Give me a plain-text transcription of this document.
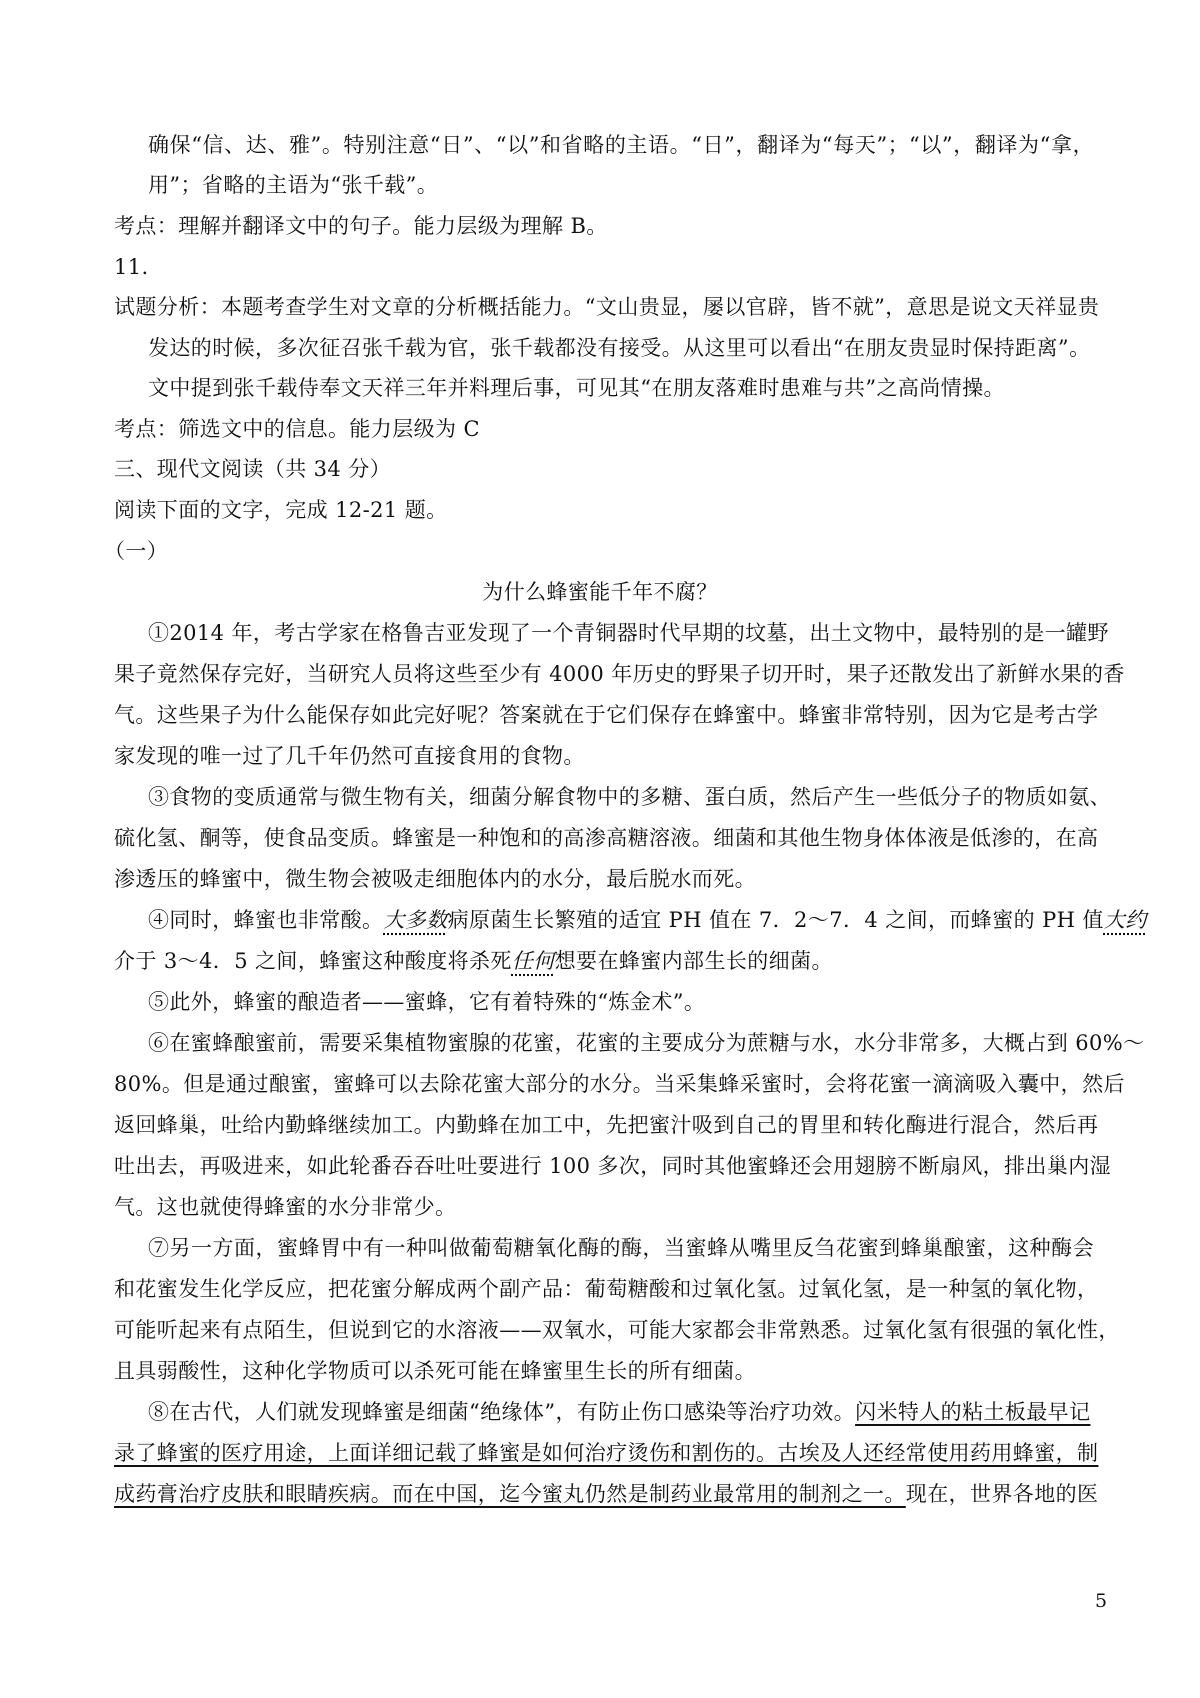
确保“信、达、雅”。特别注意“日”、“以”和省略的主语。“日”，翻译为“每天”；“以”，翻译为“拿，
用”；省略的主语为“张千载”。
考点：理解并翻译文中的句子。能力层级为理解 B。
11.
试题分析：本题考查学生对文章的分析概括能力。“文山贵显，屡以官辟，皆不就”，意思是说文天祥显贵
发达的时候，多次征召张千载为官，张千载都没有接受。从这里可以看出“在朋友贵显时保持距离”。
文中提到张千载侍奉文天祥三年并料理后事，可见其“在朋友落难时患难与共”之高尚情操。
考点：筛选文中的信息。能力层级为 C
三、现代文阅读（共 34 分）
阅读下面的文字，完成 12-21 题。
（一）
为什么蜂蜜能千年不腐？
①2014 年，考古学家在格鲁吉亚发现了一个青铜器时代早期的坟墓，出土文物中，最特别的是一罐野
果子竟然保存完好，当研究人员将这些至少有 4000 年历史的野果子切开时，果子还散发出了新鲜水果的香
气。这些果子为什么能保存如此完好呢？答案就在于它们保存在蜂蜜中。蜂蜜非常特别，因为它是考古学
家发现的唯一过了几千年仍然可直接食用的食物。
③食物的变质通常与微生物有关，细菌分解食物中的多糖、蛋白质，然后产生一些低分子的物质如氨、
硫化氢、酮等，使食品变质。蜂蜜是一种饱和的高渗高糖溶液。细菌和其他生物身体体液是低渗的，在高
渗透压的蜂蜜中，微生物会被吸走细胞体内的水分，最后脱水而死。
④同时，蜂蜜也非常酸。大多数病原菌生长繁殖的适宜 PH 值在 7．2～7．4 之间，而蜂蜜的 PH 值大约
介于 3～4．5 之间，蜂蜜这种酸度将杀死任何想要在蜂蜜内部生长的细菌。
⑤此外，蜂蜜的酿造者——蜜蜂，它有着特殊的“炼金术”。
⑥在蜜蜂酿蜜前，需要采集植物蜜腺的花蜜，花蜜的主要成分为蔗糖与水，水分非常多，大概占到 60%～
80%。但是通过酿蜜，蜜蜂可以去除花蜜大部分的水分。当采集蜂采蜜时，会将花蜜一滴滴吸入囊中，然后
返回蜂巢，吐给内勤蜂继续加工。内勤蜂在加工中，先把蜜汁吸到自己的胃里和转化酶进行混合，然后再
吐出去，再吸进来，如此轮番吞吞吐吐要进行 100 多次，同时其他蜜蜂还会用翅膀不断扇风，排出巢内湿
气。这也就使得蜂蜜的水分非常少。
⑦另一方面，蜜蜂胃中有一种叫做葡萄糖氧化酶的酶，当蜜蜂从嘴里反刍花蜜到蜂巢酿蜜，这种酶会
和花蜜发生化学反应，把花蜜分解成两个副产品：葡萄糖酸和过氧化氢。过氧化氢，是一种氢的氧化物，
可能听起来有点陌生，但说到它的水溶液——双氧水，可能大家都会非常熟悉。过氧化氢有很强的氧化性，
且具弱酸性，这种化学物质可以杀死可能在蜂蜜里生长的所有细菌。
⑧在古代，人们就发现蜂蜜是细菌“绝缘体”，有防止伤口感染等治疗功效。闪米特人的粘土板最早记
录了蜂蜜的医疗用途，上面详细记载了蜂蜜是如何治疗烫伤和割伤的。古埃及人还经常使用药用蜂蜜，制
成药膏治疗皮肤和眼睛疾病。而在中国，迄今蜜丸仍然是制药业最常用的制剂之一。现在，世界各地的医
5
